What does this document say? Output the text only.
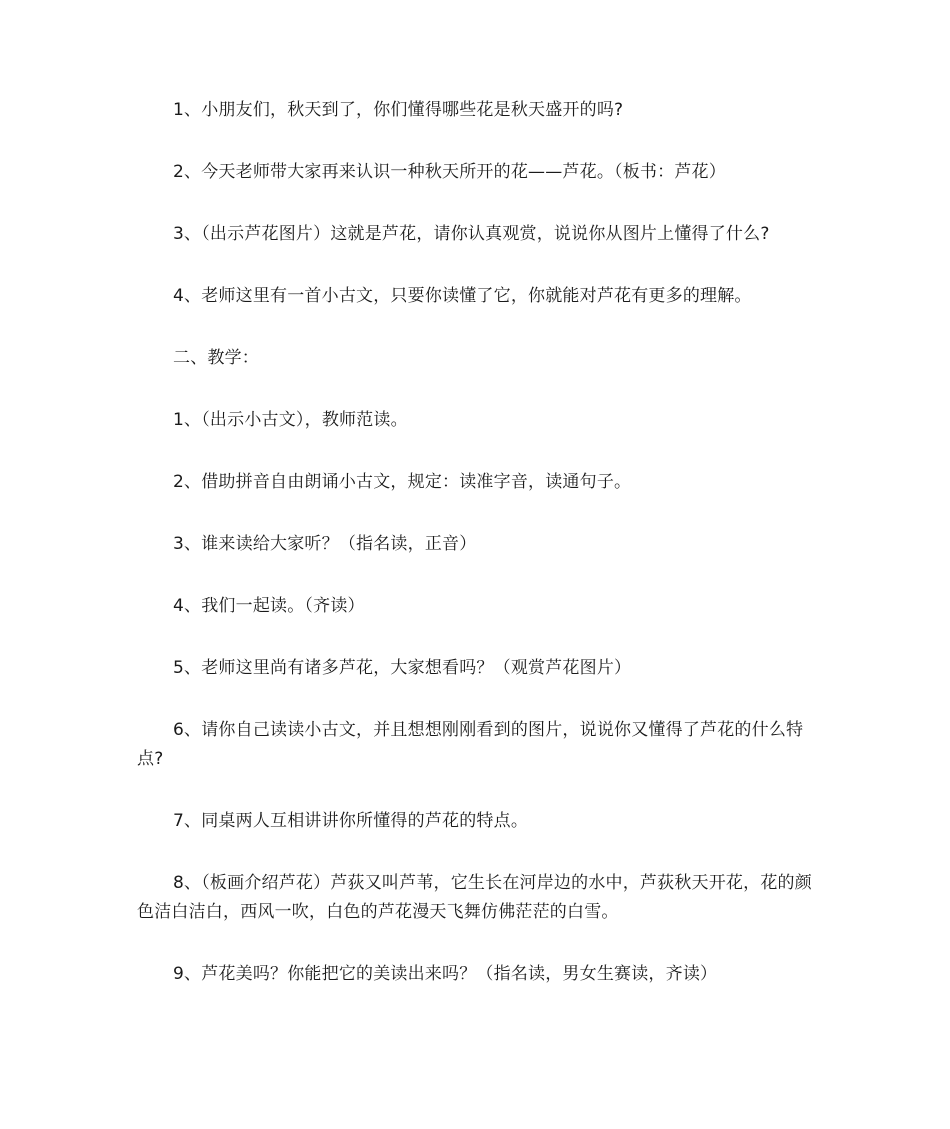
1、小朋友们，秋天到了，你们懂得哪些花是秋天盛开的吗?

2、今天老师带大家再来认识一种秋天所开的花——芦花。（板书：芦花）

3、（出示芦花图片）这就是芦花，请你认真观赏，说说你从图片上懂得了什么?

4、老师这里有一首小古文，只要你读懂了它，你就能对芦花有更多的理解。

二、教学：

1、（出示小古文），教师范读。

2、借助拼音自由朗诵小古文，规定：读准字音，读通句子。

3、谁来读给大家听？（指名读，正音）

4、我们一起读。（齐读）

5、老师这里尚有诸多芦花，大家想看吗？（观赏芦花图片）

6、请你自己读读小古文，并且想想刚刚看到的图片，说说你又懂得了芦花的什么特点?

7、同桌两人互相讲讲你所懂得的芦花的特点。

8、（板画介绍芦花）芦荻又叫芦苇，它生长在河岸边的水中，芦荻秋天开花，花的颜色洁白洁白，西风一吹，白色的芦花漫天飞舞仿佛茫茫的白雪。

9、芦花美吗？你能把它的美读出来吗？（指名读，男女生赛读，齐读）
